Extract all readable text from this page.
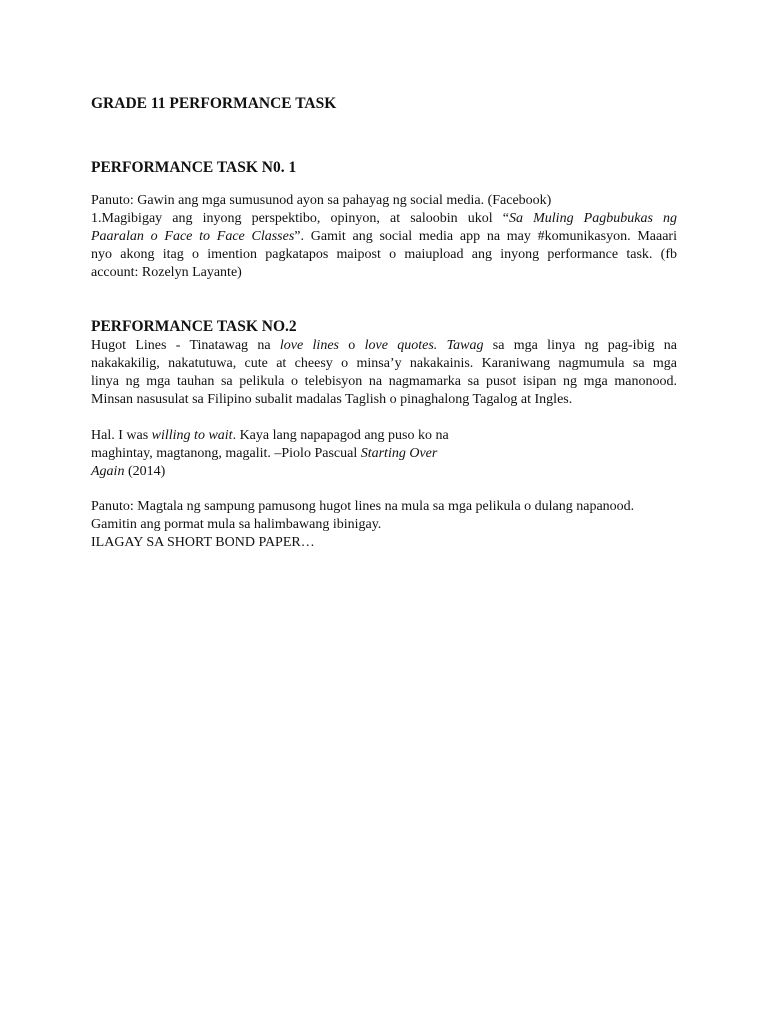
GRADE 11 PERFORMANCE TASK
PERFORMANCE TASK N0. 1
Panuto: Gawin ang mga sumusunod ayon sa pahayag ng social media. (Facebook)
1.Magibigay ang inyong perspektibo, opinyon, at saloobin ukol “Sa Muling Pagbubukas ng
Paaralan o Face to Face Classes”. Gamit ang social media app na may #komunikasyon. Maaari
nyo akong itag o imention pagkatapos maipost o maiupload ang inyong performance task. (fb
account: Rozelyn Layante)
PERFORMANCE TASK NO.2
Hugot Lines - Tinatawag na love lines o love quotes. Tawag sa mga linya ng pag-ibig na
nakakakilig, nakatutuwa, cute at cheesy o minsa’y nakakainis. Karaniwang nagmumula sa mga
linya ng mga tauhan sa pelikula o telebisyon na nagmamarka sa pusot isipan ng mga manonood.
Minsan nasusulat sa Filipino subalit madalas Taglish o pinaghalong Tagalog at Ingles.
Hal. I was willing to wait. Kaya lang napapagod ang puso ko na
maghintay, magtanong, magalit. –Piolo Pascual Starting Over
Again (2014)
Panuto: Magtala ng sampung pamusong hugot lines na mula sa mga pelikula o dulang napanood.
Gamitin ang pormat mula sa halimbawang ibinigay.
ILAGAY SA SHORT BOND PAPER…
